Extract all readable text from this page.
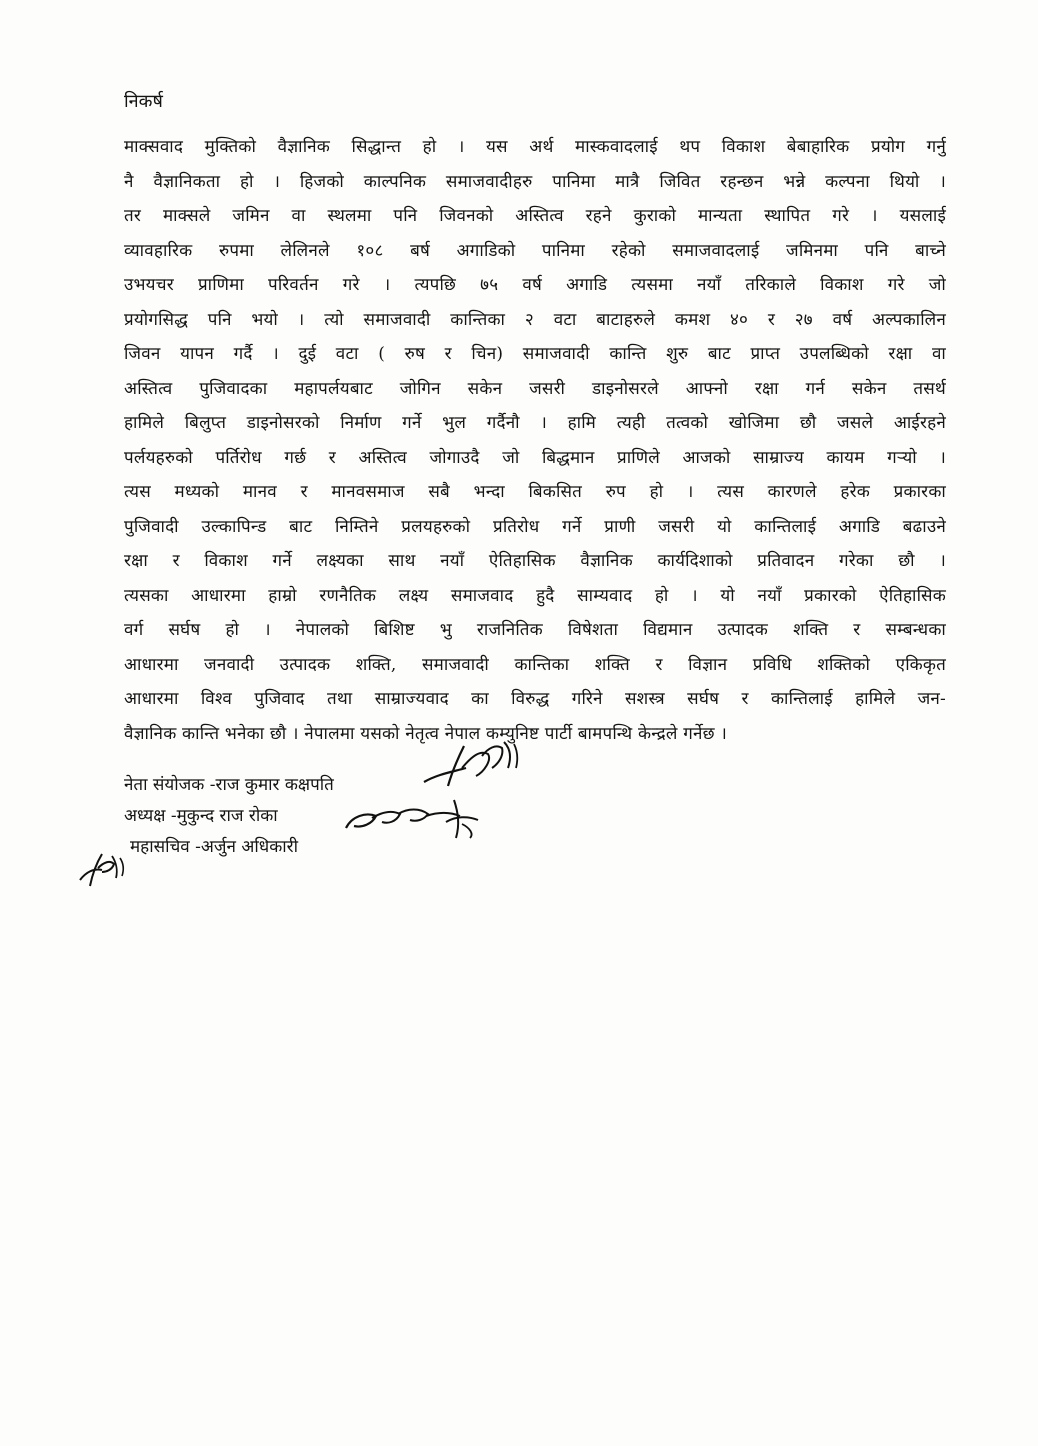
निकर्ष
माक्सवाद मुक्तिको वैज्ञानिक सिद्धान्त हो । यस अर्थ मास्कवादलाई थप विकाश बेबाहारिक प्रयोग गर्नु
नै वैज्ञानिकता हो । हिजको काल्पनिक समाजवादीहरु पानिमा मात्रै जिवित रहन्छन भन्ने कल्पना थियो ।
तर माक्सले जमिन वा स्थलमा पनि जिवनको अस्तित्व रहने कुराको मान्यता स्थापित गरे । यसलाई
व्यावहारिक रुपमा लेलिनले १०८ बर्ष अगाडिको पानिमा रहेको समाजवादलाई जमिनमा पनि बाच्ने
उभयचर प्राणिमा परिवर्तन गरे । त्यपछि ७५ वर्ष अगाडि त्यसमा नयाँ तरिकाले विकाश गरे जो
प्रयोगसिद्ध पनि भयो । त्यो समाजवादी कान्तिका २ वटा बाटाहरुले कमश ४० र २७ वर्ष अल्पकालिन
जिवन यापन गर्दै । दुई वटा ( रुष र चिन) समाजवादी कान्ति शुरु बाट प्राप्त उपलब्धिको रक्षा वा
अस्तित्व पुजिवादका महापर्लयबाट जोगिन सकेन जसरी डाइनोसरले आफ्नो रक्षा गर्न सकेन तसर्थ
हामिले बिलुप्त डाइनोसरको निर्माण गर्ने भुल गर्दैनौ । हामि त्यही तत्वको खोजिमा छौ जसले आईरहने
पर्लयहरुको पर्तिरोध गर्छ र अस्तित्व जोगाउदै जो बिद्धमान प्राणिले आजको साम्राज्य कायम गऱ्यो ।
त्यस मध्यको मानव र मानवसमाज सबै भन्दा बिकसित रुप हो । त्यस कारणले हरेक प्रकारका
पुजिवादी उल्कापिन्ड बाट निम्तिने प्रलयहरुको प्रतिरोध गर्ने प्राणी जसरी यो कान्तिलाई अगाडि बढाउने
रक्षा र विकाश गर्ने लक्ष्यका साथ नयाँ ऐतिहासिक वैज्ञानिक कार्यदिशाको प्रतिवादन गरेका छौ ।
त्यसका आधारमा हाम्रो रणनैतिक लक्ष्य समाजवाद हुदै साम्यवाद हो । यो नयाँ प्रकारको ऐतिहासिक
वर्ग सर्घष हो । नेपालको बिशिष्ट भु राजनितिक विषेशता विद्यमान उत्पादक शक्ति र सम्बन्धका
आधारमा जनवादी उत्पादक शक्ति, समाजवादी कान्तिका शक्ति र विज्ञान प्रविधि शक्तिको एकिकृत
आधारमा विश्व पुजिवाद तथा साम्राज्यवाद का विरुद्ध गरिने सशस्त्र सर्घष र कान्तिलाई हामिले जन-
वैज्ञानिक कान्ति भनेका छौ । नेपालमा यसको नेतृत्व नेपाल कम्युनिष्ट पार्टी बामपन्थि केन्द्रले गर्नेछ ।
नेता संयोजक -राज कुमार कक्षपति
अध्यक्ष -मुकुन्द राज रोका
महासचिव -अर्जुन अधिकारी
